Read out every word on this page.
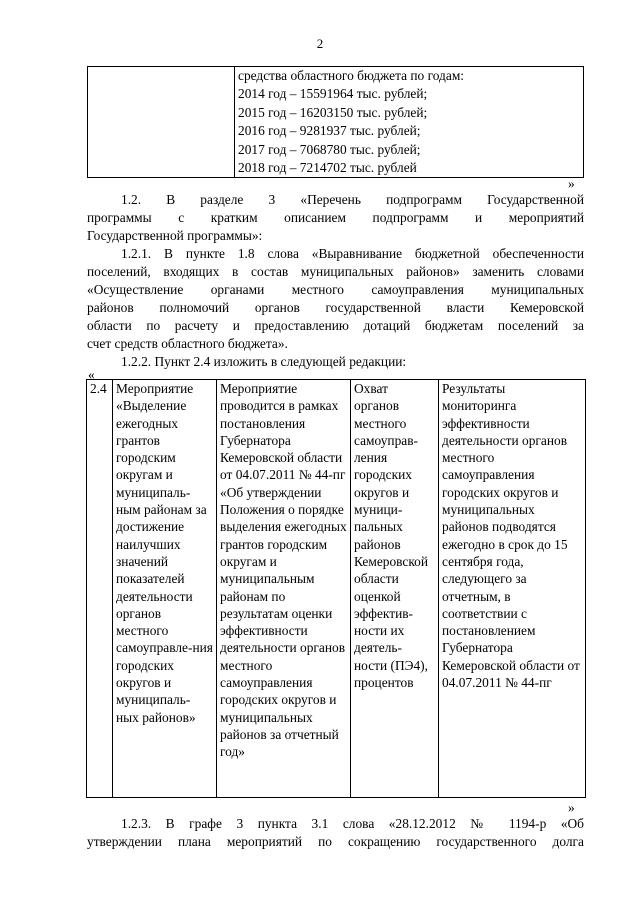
2

средства областного бюджета по годам:
2014 год – 15591964 тыс. рублей;
2015 год – 16203150 тыс. рублей;
2016 год – 9281937 тыс. рублей;
2017 год – 7068780 тыс. рублей;
2018 год – 7214702 тыс. рублей
»
1.2. В разделе 3 «Перечень подпрограмм Государственной
программы с кратким описанием подпрограмм и мероприятий
Государственной программы»:
1.2.1. В пункте 1.8 слова «Выравнивание бюджетной обеспеченности
поселений, входящих в состав муниципальных районов» заменить словами
«Осуществление органами местного самоуправления муниципальных
районов полномочий органов государственной власти Кемеровской
области по расчету и предоставлению дотаций бюджетам поселений за
счет средств областного бюджета».
1.2.2. Пункт 2.4 изложить в следующей редакции:
«
2.4	Мероприятие «Выделение ежегодных грантов городским округам и муниципаль-ным районам за достижение наилучших значений показателей деятельности органов местного самоуправле-ния городских округов и муниципаль-ных районов»	Мероприятие проводится в рамках постановления Губернатора Кемеровской области от 04.07.2011 № 44-пг «Об утверждении Положения о порядке выделения ежегодных грантов городским округам и муниципальным районам по результатам оценки эффективности деятельности органов местного самоуправления городских округов и муниципальных районов за отчетный год»	Охват органов местного самоуправ-ления городских округов и муници-пальных районов Кемеровской области оценкой эффектив-ности их деятель-ности (ПЭ4), процентов	Результаты мониторинга эффективности деятельности органов местного самоуправления городских округов и муниципальных районов подводятся ежегодно в срок до 15 сентября года, следующего за отчетным, в соответствии с постановлением Губернатора Кемеровской области от 04.07.2011 № 44-пг
»
1.2.3. В графе 3 пункта 3.1 слова «28.12.2012 № 1194-р «Об
утверждении плана мероприятий по сокращению государственного долга
